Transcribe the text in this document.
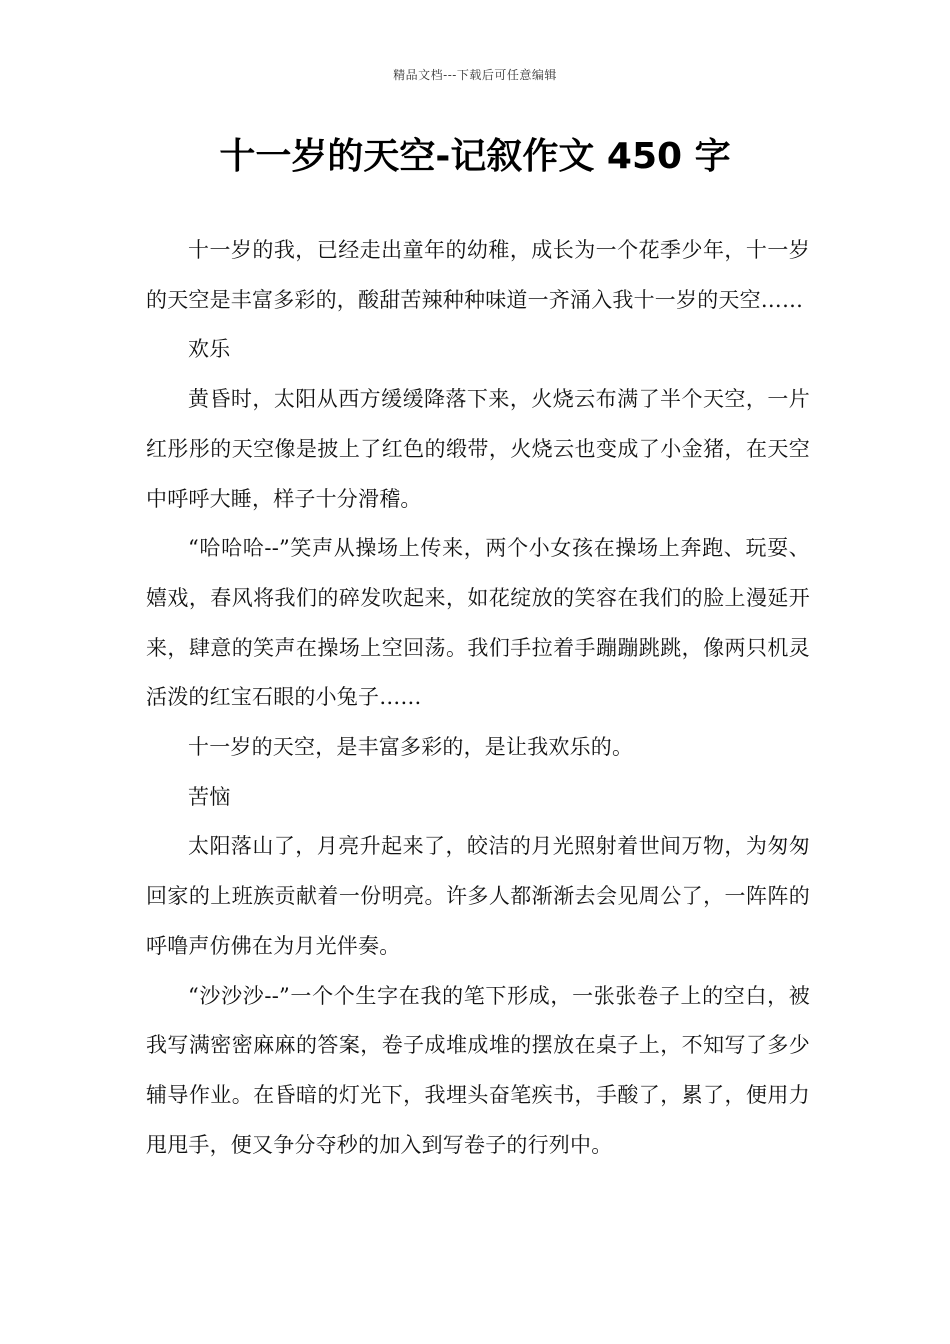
精品文档---下载后可任意编辑
十一岁的天空-记叙作文 450 字

十一岁的我，已经走出童年的幼稚，成长为一个花季少年，十一岁的天空是丰富多彩的，酸甜苦辣种种味道一齐涌入我十一岁的天空……

欢乐

黄昏时，太阳从西方缓缓降落下来，火烧云布满了半个天空，一片红彤彤的天空像是披上了红色的缎带，火烧云也变成了小金猪，在天空中呼呼大睡，样子十分滑稽。

“哈哈哈--”笑声从操场上传来，两个小女孩在操场上奔跑、玩耍、嬉戏，春风将我们的碎发吹起来，如花绽放的笑容在我们的脸上漫延开来，肆意的笑声在操场上空回荡。我们手拉着手蹦蹦跳跳，像两只机灵活泼的红宝石眼的小兔子……

十一岁的天空，是丰富多彩的，是让我欢乐的。

苦恼

太阳落山了，月亮升起来了，皎洁的月光照射着世间万物，为匆匆回家的上班族贡献着一份明亮。许多人都渐渐去会见周公了，一阵阵的呼噜声仿佛在为月光伴奏。

“沙沙沙--”一个个生字在我的笔下形成，一张张卷子上的空白，被我写满密密麻麻的答案，卷子成堆成堆的摆放在桌子上，不知写了多少辅导作业。在昏暗的灯光下，我埋头奋笔疾书，手酸了，累了，便用力甩甩手，便又争分夺秒的加入到写卷子的行列中。
